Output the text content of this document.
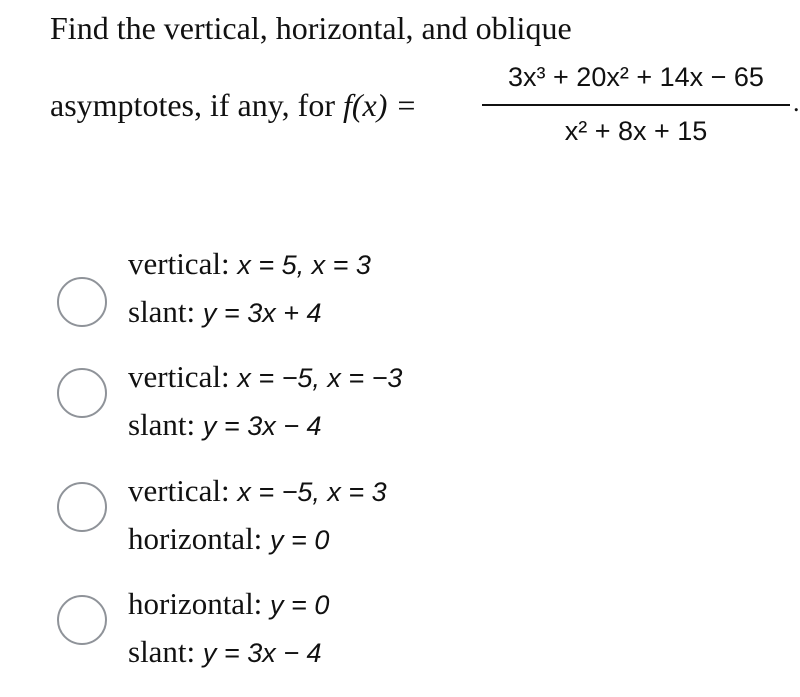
Find the vertical, horizontal, and oblique
asymptotes, if any, for f(x) =
3x³ + 20x² + 14x − 65
x² + 8x + 15
.
vertical: x = 5, x = 3
slant: y = 3x + 4
vertical: x = −5, x = −3
slant: y = 3x − 4
vertical: x = −5, x = 3
horizontal: y = 0
horizontal: y = 0
slant: y = 3x − 4
